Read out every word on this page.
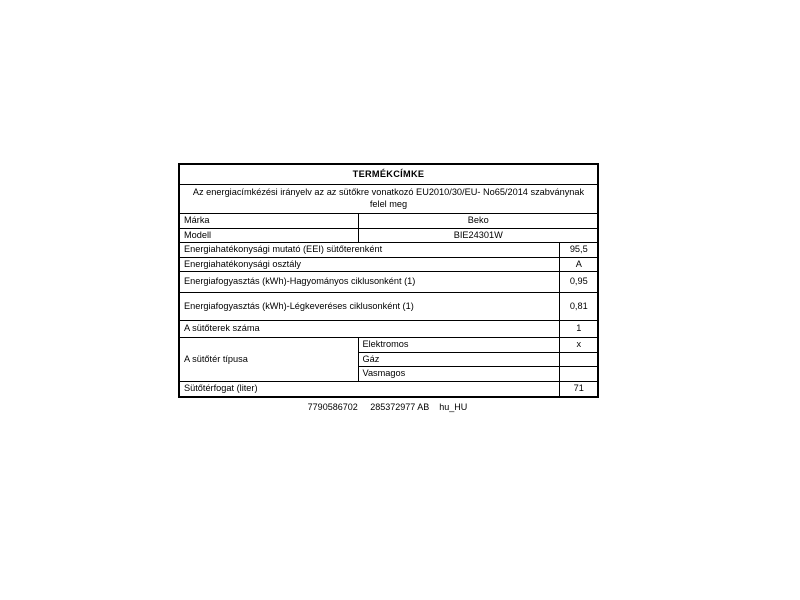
TERMÉKCÍMKE		

Az energiacímkézési irányelv az az sütőkre vonatkozó EU2010/30/EU- No65/2014 szabványnak felel meg		

Márka	Beko	

Modell	BIE24301W	

Energiahatékonysági mutató (EEI) sütőterenként		95,5

Energiahatékonysági osztály		A

Energiafogyasztás (kWh)-Hagyományos ciklusonként (1)		0,95

Energiafogyasztás (kWh)-Légkeveréses ciklusonként (1)		0,81

A sütőterek száma		1

A sütőtér típusa	Elektromos	x

	Gáz	

	Vasmagos	

Sütőtérfogat (liter)		71
7790586702     285372977 AB    hu_HU
